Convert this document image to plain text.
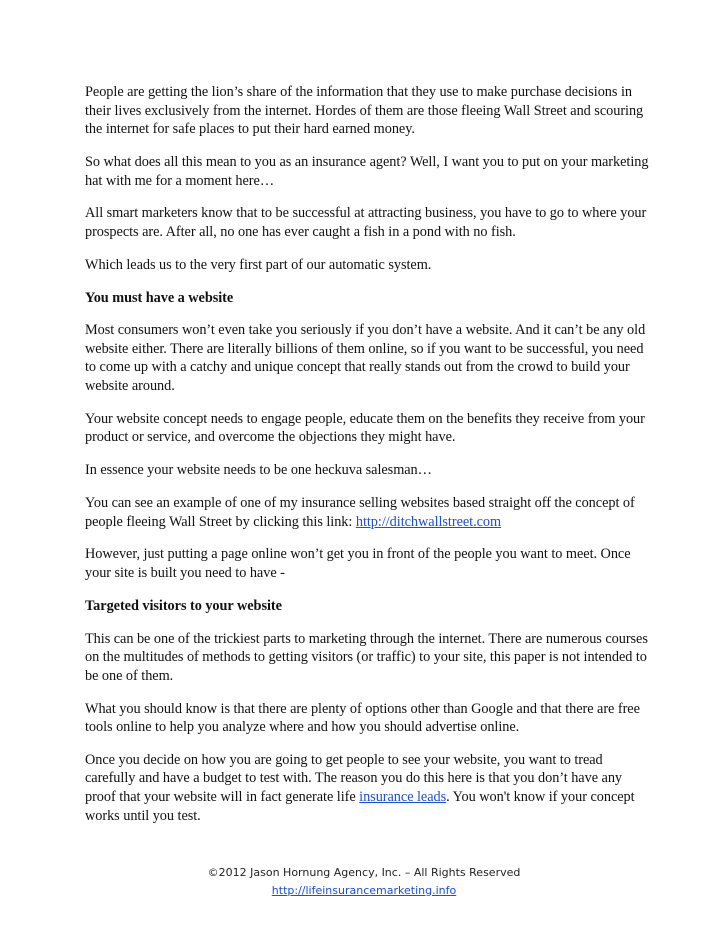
People are getting the lion’s share of the information that they use to make purchase decisions in their lives exclusively from the internet. Hordes of them are those fleeing Wall Street and scouring the internet for safe places to put their hard earned money.

So what does all this mean to you as an insurance agent? Well, I want you to put on your marketing hat with me for a moment here…

All smart marketers know that to be successful at attracting business, you have to go to where your prospects are. After all, no one has ever caught a fish in a pond with no fish.

Which leads us to the very first part of our automatic system.

You must have a website

Most consumers won’t even take you seriously if you don’t have a website. And it can’t be any old website either. There are literally billions of them online, so if you want to be successful, you need to come up with a catchy and unique concept that really stands out from the crowd to build your website around.

Your website concept needs to engage people, educate them on the benefits they receive from your product or service, and overcome the objections they might have.

In essence your website needs to be one heckuva salesman…

You can see an example of one of my insurance selling websites based straight off the concept of people fleeing Wall Street by clicking this link: http://ditchwallstreet.com

However, just putting a page online won’t get you in front of the people you want to meet. Once your site is built you need to have -

Targeted visitors to your website

This can be one of the trickiest parts to marketing through the internet. There are numerous courses on the multitudes of methods to getting visitors (or traffic) to your site, this paper is not intended to be one of them.

What you should know is that there are plenty of options other than Google and that there are free tools online to help you analyze where and how you should advertise online.

Once you decide on how you are going to get people to see your website, you want to tread carefully and have a budget to test with. The reason you do this here is that you don’t have any proof that your website will in fact generate life insurance leads. You won't know if your concept works until you test.

©2012 Jason Hornung Agency, Inc. – All Rights Reserved
http://lifeinsurancemarketing.info
